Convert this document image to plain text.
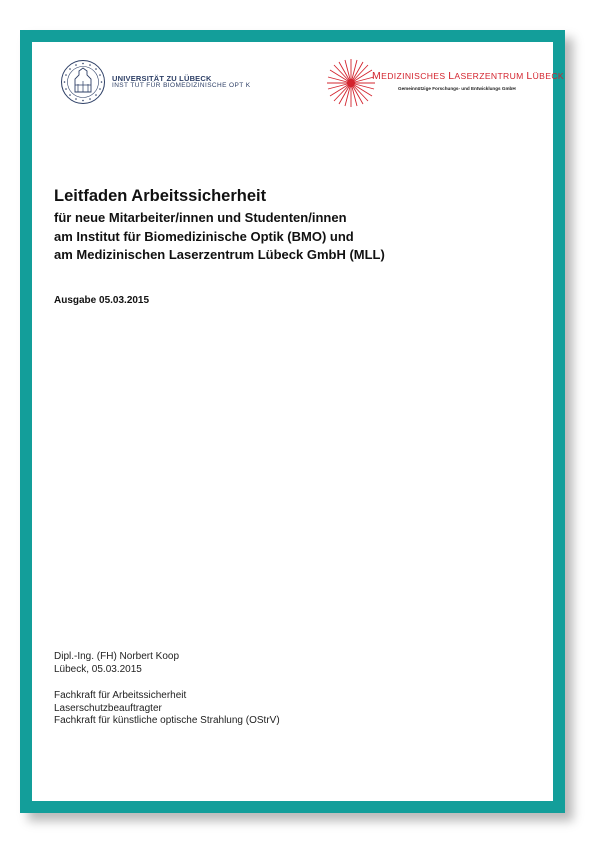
UNIVERSITÄT ZU LÜBECK
INST TUT FÜR BIOMEDIZINISCHE OPT K
MEDIZINISCHES LASERZENTRUM LÜBECK
Gemeinnützige Forschungs- und Entwicklungs GmbH
Leitfaden Arbeitssicherheit

für neue Mitarbeiter/innen und Studenten/innen

am Institut für Biomedizinische Optik (BMO) und

am Medizinischen Laserzentrum Lübeck GmbH (MLL)

Ausgabe 05.03.2015
Dipl.-Ing. (FH) Norbert Koop
Lübeck, 05.03.2015
Fachkraft für Arbeitssicherheit
Laserschutzbeauftragter
Fachkraft für künstliche optische Strahlung (OStrV)
